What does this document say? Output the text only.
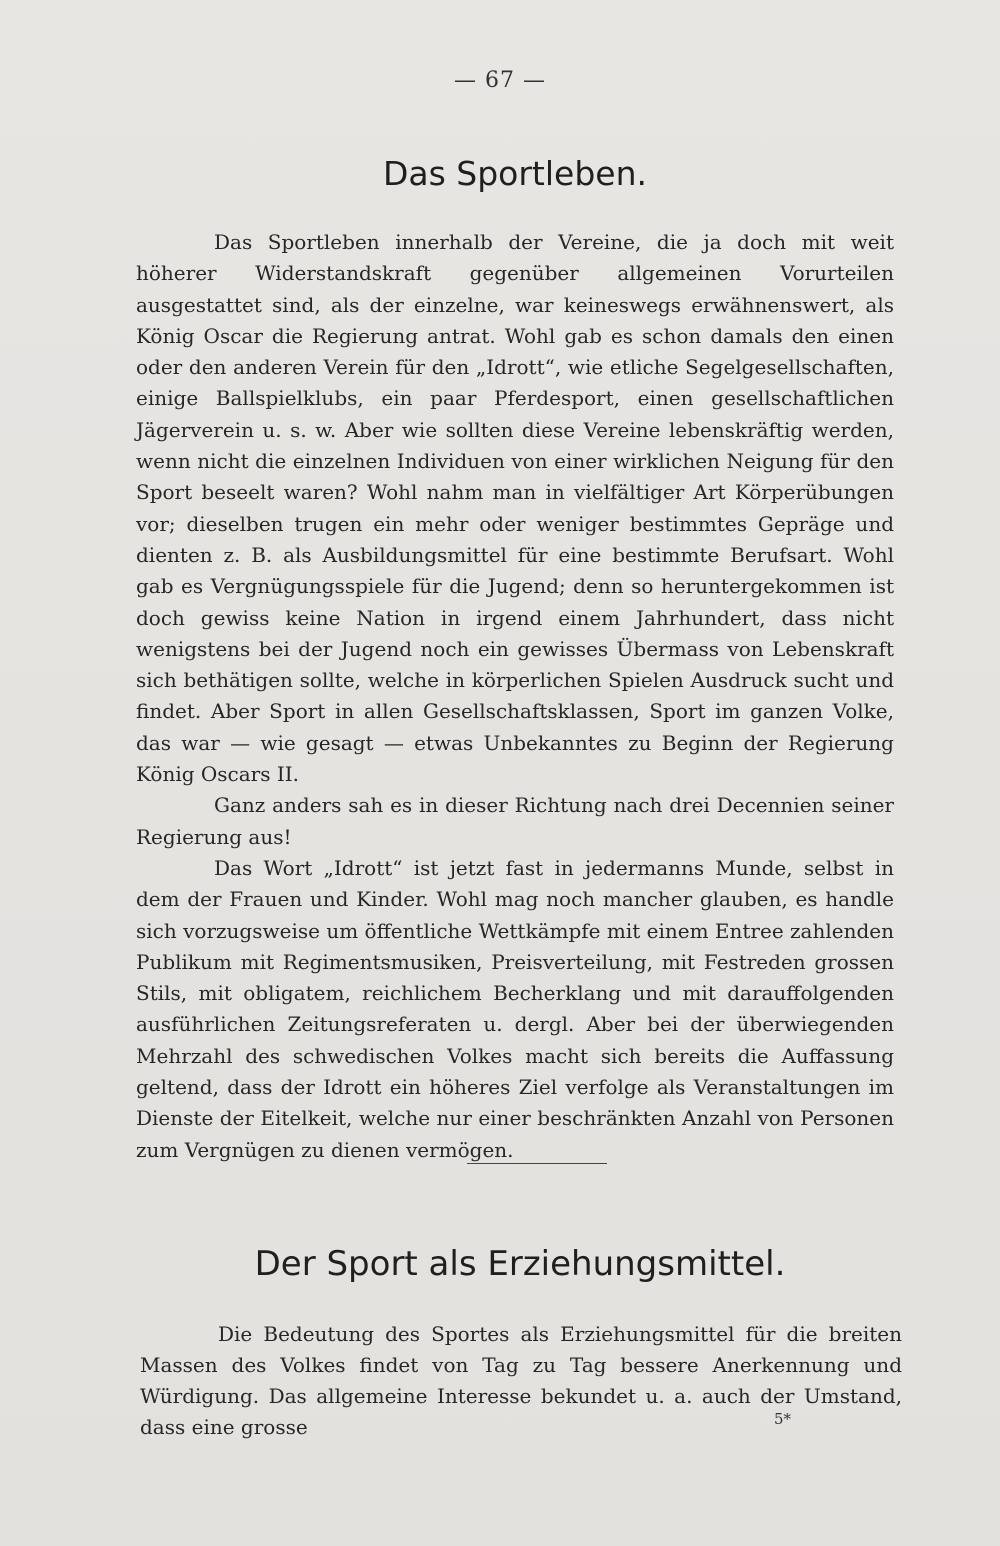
— 67 —
Das Sportleben.

Das Sportleben innerhalb der Vereine, die ja doch mit weit höherer Widerstandskraft gegenüber allgemeinen Vorurteilen ausgestattet sind, als der einzelne, war keineswegs erwähnenswert, als König Oscar die Regierung antrat. Wohl gab es schon damals den einen oder den anderen Verein für den „Idrott“, wie etliche Segelgesellschaften, einige Ballspielklubs, ein paar Pferdesport, einen gesellschaftlichen Jägerverein u. s. w. Aber wie sollten diese Vereine lebenskräftig werden, wenn nicht die einzelnen Individuen von einer wirklichen Neigung für den Sport beseelt waren? Wohl nahm man in vielfältiger Art Körperübungen vor; dieselben trugen ein mehr oder weniger bestimmtes Gepräge und dienten z. B. als Ausbildungsmittel für eine bestimmte Berufsart. Wohl gab es Vergnügungsspiele für die Jugend; denn so heruntergekommen ist doch gewiss keine Nation in irgend einem Jahrhundert, dass nicht wenigstens bei der Jugend noch ein gewisses Übermass von Lebenskraft sich bethätigen sollte, welche in körperlichen Spielen Ausdruck sucht und findet. Aber Sport in allen Gesellschaftsklassen, Sport im ganzen Volke, das war — wie gesagt — etwas Unbekanntes zu Beginn der Regierung König Oscars II.

Ganz anders sah es in dieser Richtung nach drei Decennien seiner Regierung aus!

Das Wort „Idrott“ ist jetzt fast in jedermanns Munde, selbst in dem der Frauen und Kinder. Wohl mag noch mancher glauben, es handle sich vorzugsweise um öffentliche Wettkämpfe mit einem Entree zahlenden Publikum mit Regimentsmusiken, Preisverteilung, mit Festreden grossen Stils, mit obligatem, reichlichem Becherklang und mit darauffolgenden ausführlichen Zeitungsreferaten u. dergl. Aber bei der überwiegenden Mehrzahl des schwedischen Volkes macht sich bereits die Auffassung geltend, dass der Idrott ein höheres Ziel verfolge als Veranstaltungen im Dienste der Eitelkeit, welche nur einer beschränkten Anzahl von Personen zum Vergnügen zu dienen vermögen.

Der Sport als Erziehungsmittel.

Die Bedeutung des Sportes als Erziehungsmittel für die breiten Massen des Volkes findet von Tag zu Tag bessere Anerkennung und Würdigung. Das allgemeine Interesse bekundet u. a. auch der Umstand, dass eine grosse	5*
